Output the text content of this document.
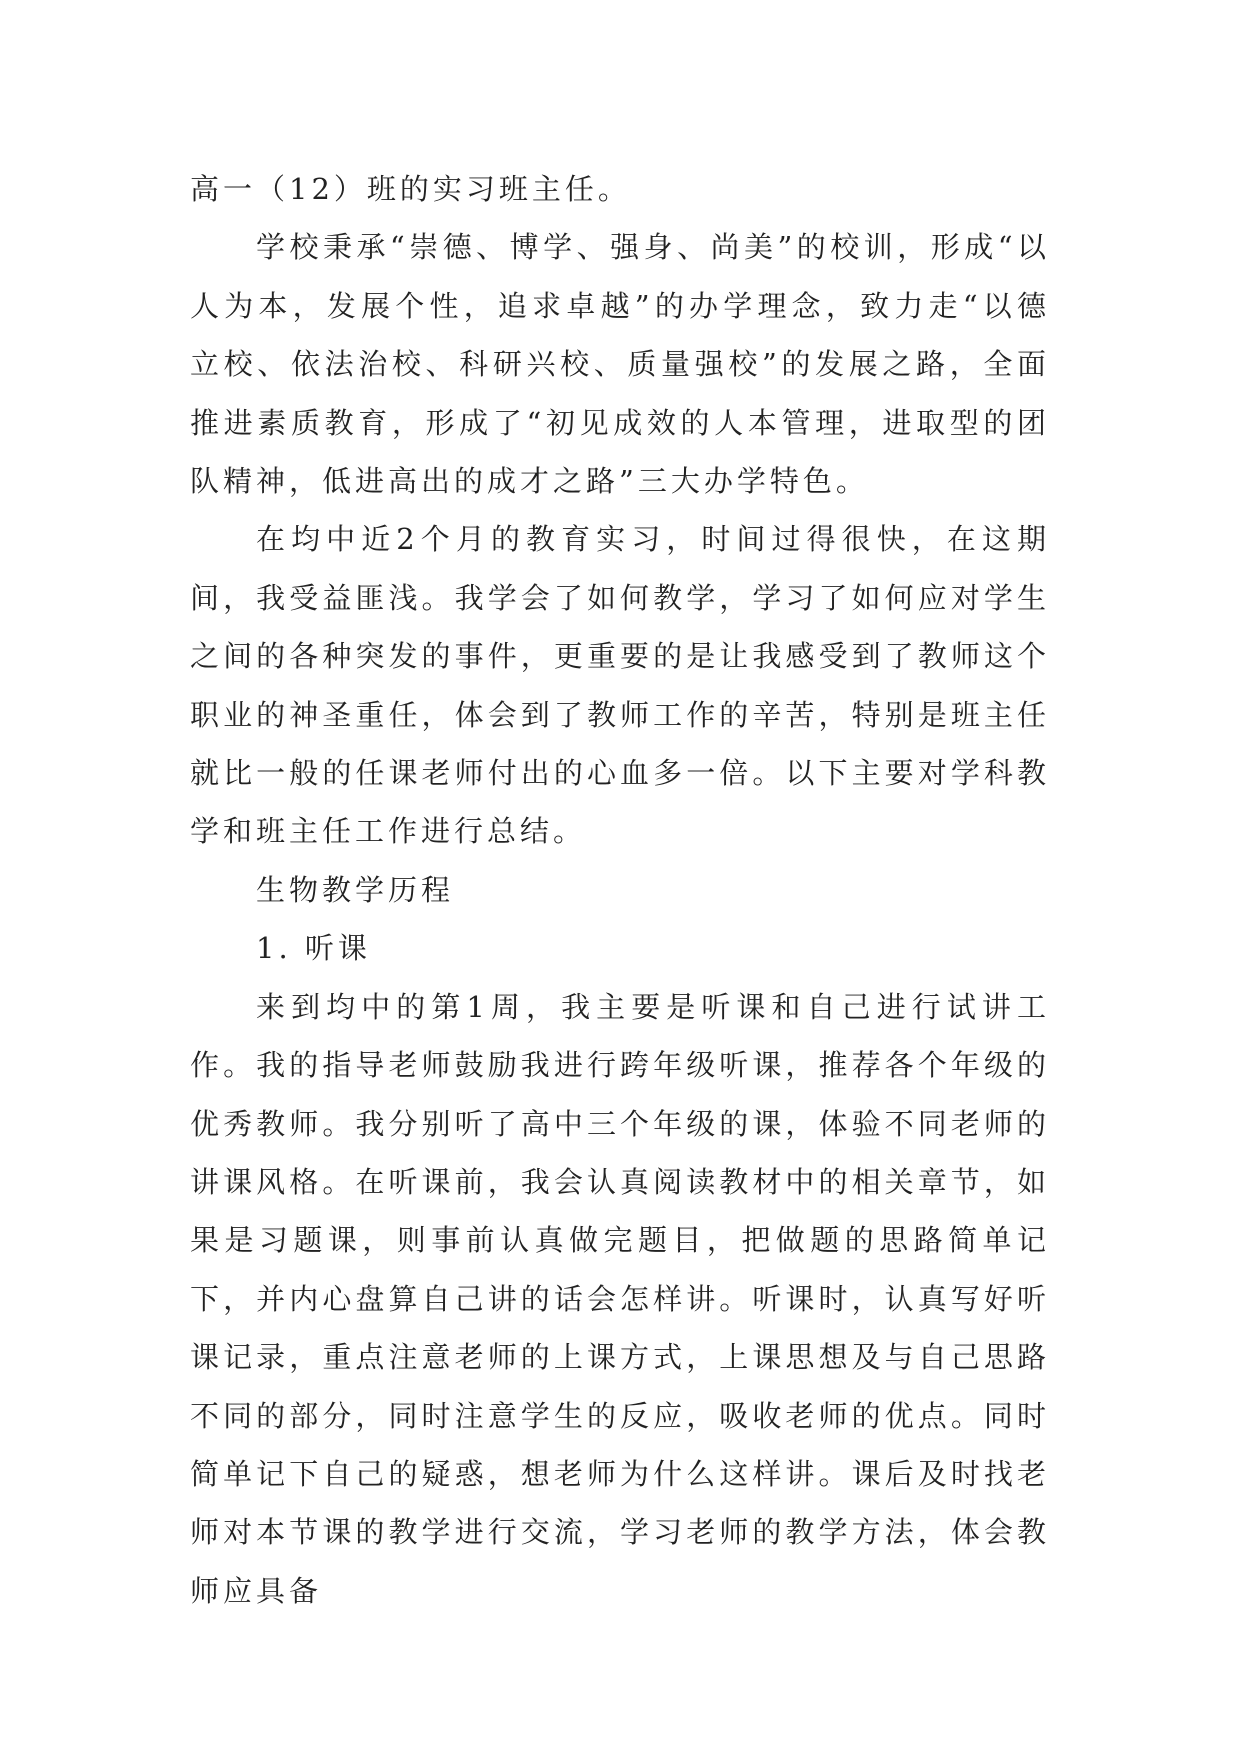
高一（12）班的实习班主任。

学校秉承“崇德、博学、强身、尚美”的校训，形成“以人为本，发展个性，追求卓越”的办学理念，致力走“以德立校、依法治校、科研兴校、质量强校”的发展之路，全面推进素质教育，形成了“初见成效的人本管理，进取型的团队精神，低进高出的成才之路”三大办学特色。

在均中近2个月的教育实习，时间过得很快，在这期间，我受益匪浅。我学会了如何教学，学习了如何应对学生之间的各种突发的事件，更重要的是让我感受到了教师这个职业的神圣重任，体会到了教师工作的辛苦，特别是班主任就比一般的任课老师付出的心血多一倍。以下主要对学科教学和班主任工作进行总结。

生物教学历程

1. 听课

来到均中的第1周，我主要是听课和自己进行试讲工作。我的指导老师鼓励我进行跨年级听课，推荐各个年级的优秀教师。我分别听了高中三个年级的课，体验不同老师的讲课风格。在听课前，我会认真阅读教材中的相关章节，如果是习题课，则事前认真做完题目，把做题的思路简单记下，并内心盘算自己讲的话会怎样讲。听课时，认真写好听课记录，重点注意老师的上课方式，上课思想及与自己思路不同的部分，同时注意学生的反应，吸收老师的优点。同时简单记下自己的疑惑，想老师为什么这样讲。课后及时找老师对本节课的教学进行交流，学习老师的教学方法，体会教师应具备
